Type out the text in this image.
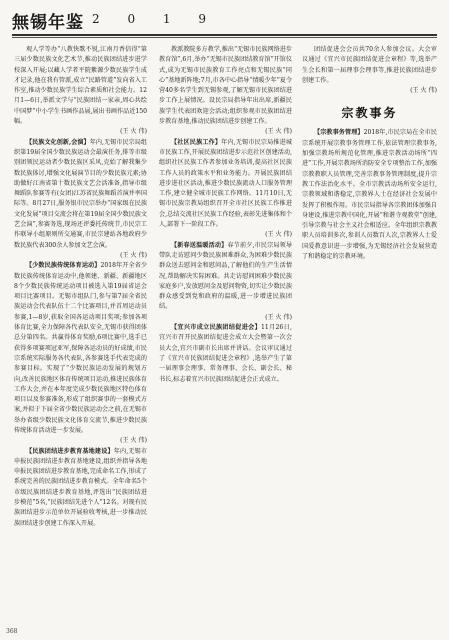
無锡年鉴 2 0 1 9

观人学等办“八教快歌不锐,江南月香信得”第三届少数民族文化艺术节,推动民族团结进步进学校深入开展;以藏人学者平院紫源少数民族学生成才记录,他在我有管派,成立“民路管道”发向省入工作室,推动少数民族学生综合素质和社会能力。12月1—6日,举派文学与“民族团结一家亲,周心共绘中国梦”中小学生书画作品展,展出书画作品近150幅。

(王 火 伟)

【民族文化创新,会演】年内,无锡市民宗局组织第19届全国少数民族运动会最演任务,排等市级别团领民运动者少数民族区采风,克始了解我集少数民族体讨,增强文化展演节目的少数民族元素;协助做好江南省第十数民族文艺会活准备,指导市级舞蹈队参赛等有(女团)江苏省民族舞蹈首演并率国际等。8月27日,服务银市民宗举办“国家级在民族文化发展”项目交流会将在第19届全国少数民族文艺会演”,参赛务选,现场还评委托传统节,市民宗工作联导小组原则所交通赛,市民宗建站各地政府少数民族代表300余人参加文艺会演。

(王 火 伟)

【少数民族传统体育运动】2018年开全省少数民族传统体育运动中,他领建、新疆、新疆地区8个少数民族传统运动项目被选入第19届省运会项目比赛项目。无锡市组队门,参与第7届全省民族运动会代表队伍十二个比赛项目,并首周运动员参赛,1—8岁,获取全国各运动项目奖项;参加各项体育比赛,全力保障各代表队安全,无锡市获得团体总分第四名。共赢得体育奖励,6项比赛中,选手已获得多项赛项冠亚军,保障各运动员的好成绩,市民宗系统实际服务各代表队,各参赛选手代表完成的参赛目标。实现了“少数民族运动发展的规划方向,改善民族地区体育传统项目运动,推进民族体育工作大会,并在本年度完成少数民族地区特色体育项目以及参赛准备,形成了组织赛事的一套模式方案,并拟于下届全省少数民族运动会之前,在无锡市举办省级少数民族文化体育交流节,推进少数民族传统体育活动进一步发展。

(王 火 伟)

【民族团结进步教育基地建设】年内,无锡市申报民族团结进步教育基地建设,组织并指导各地申报民族团结进步教育基地,完成命名工作,形成了系统完善的民族团结进步教育模式。全年命名5个市级民族团结进步教育基地,评选出“民族团结进步模范”5名,“民族团结先进个人”12名。对现有民族团结进步示范单位开展验收考核,进一步推动民族团结进步创建工作深入开展。

教派教院多方教学,推出“无锡市民族网络进步教育馆”,6月,举办“无锡市民族团结教育馆”开馆仪式,成为无锡市民族教育工作亮点和无锡民族“同心”基地新阵地;7月,市各中心指导“情暖少年”夏令营40多名学生到无锡参观,了解无锡市民族团结进步工作上展情况。设民宗局指导年出出席,新疆民族学生代表团欢迎会活动;组织参观市民族团结进步教育基地,推动民族团结进步创建工作。

(王 火 伟)

【社区民族工作】年内,无锡市民宗局推进城市民族工作,开展民族团结进步示范社区创建活动,组织社区民族工作者参加业务培训,提高社区民族工作人员的政策水平和业务能力。开展民族团结进步进社区活动,推进少数民族流动人口服务管理工作,建立健全城市民族工作网络。11月10日,无锡市民族宗教局组织召开全市社区民族工作推进会,总结交流社区民族工作经验,表彰先进集体和个人,部署下一阶段工作。

(王 火 伟)

【新春送温暖活动】春节前夕,市民宗局领导带队走访慰问少数民族困难群众,为困难少数民族群众送去慰问金和慰问品,了解他们的生产生活情况,帮助解决实际困难。共走访慰问困难少数民族家庭多户,发放慰问金及慰问物资,切实让少数民族群众感受到党和政府的温暖,进一步增进民族团结。

(王 火 伟)

【宜兴市成立民族团结促进会】11月26日,宜兴市召开民族团结促进会成立大会暨第一次会员大会,宜兴市副市长出席并讲话。会议审议通过了《宜兴市民族团结促进会章程》,选举产生了第一届理事会理事、常务理事、会长、副会长、秘书长,标志着宜兴市民族团结促进会正式成立。

团结促进会会员共70余人参加会议。大会审议通过《宜兴市民族团结促进会章程》等,选举产生会长和第一届理事会理事等,推进民族团结进步创建工作。

(王 火 伟)

宗教事务

【宗教事务管理】2018年,市民宗局在全市民宗系统开展宗教事务管理工作,依法管理宗教事务,加强宗教场所规范化管理,推进宗教活动场所“四进”工作,开展宗教场所消防安全专项整治工作,加强宗教教职人员管理,完善宗教事务管理制度,提升宗教工作法治化水平。全市宗教活动场所安全运行,宗教领域和谐稳定,宗教界人士在经济社会发展中发挥了积极作用。市民宗局指导各宗教团体加强自身建设,推进宗教中国化,开展“和谐寺观教堂”创建,引导宗教与社会主义社会相适应。全年组织宗教教职人员培训多次,参训人员数百人次,宗教界人士爱国爱教意识进一步增强,为无锡经济社会发展营造了和谐稳定的宗教环境。

368
